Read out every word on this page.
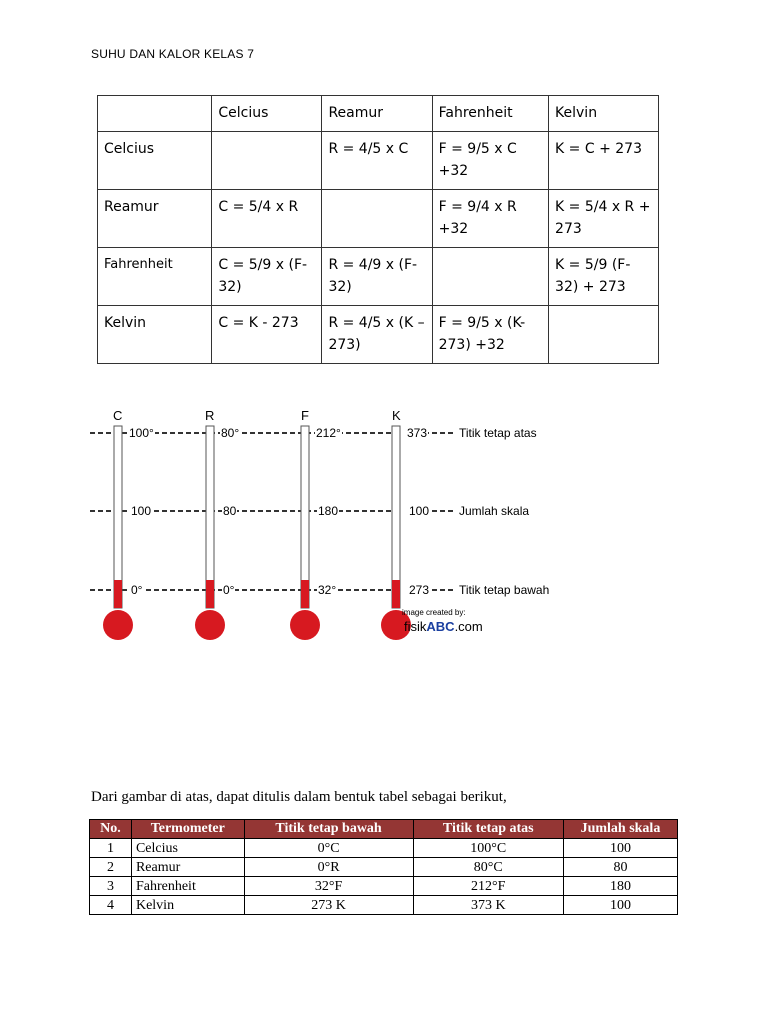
SUHU DAN KALOR KELAS 7
	Celcius	Reamur	Fahrenheit	Kelvin
Celcius		R = 4/5 x C	F = 9/5 x C +32	K = C + 273
Reamur	C = 5/4 x R		F = 9/4 x R +32	K = 5/4 x R + 273
Fahrenheit	C = 5/9 x (F-32)	R = 4/9 x (F-32)		K = 5/9 (F-32) + 273
Kelvin	C = K - 273	R = 4/5 x (K – 273)	F = 9/5 x (K-273) +32	
C	R	F	K
100°	80°	212°	373
100	80	180	100
0°	0°	32°	273
Titik tetap atas
Jumlah skala
Titik tetap bawah
image created by:
fisikABC.com
Dari gambar di atas, dapat ditulis dalam bentuk tabel sebagai berikut,
No.	Termometer	Titik tetap bawah	Titik tetap atas	Jumlah skala
1	Celcius	0°C	100°C	100
2	Reamur	0°R	80°C	80
3	Fahrenheit	32°F	212°F	180
4	Kelvin	273 K	373 K	100
